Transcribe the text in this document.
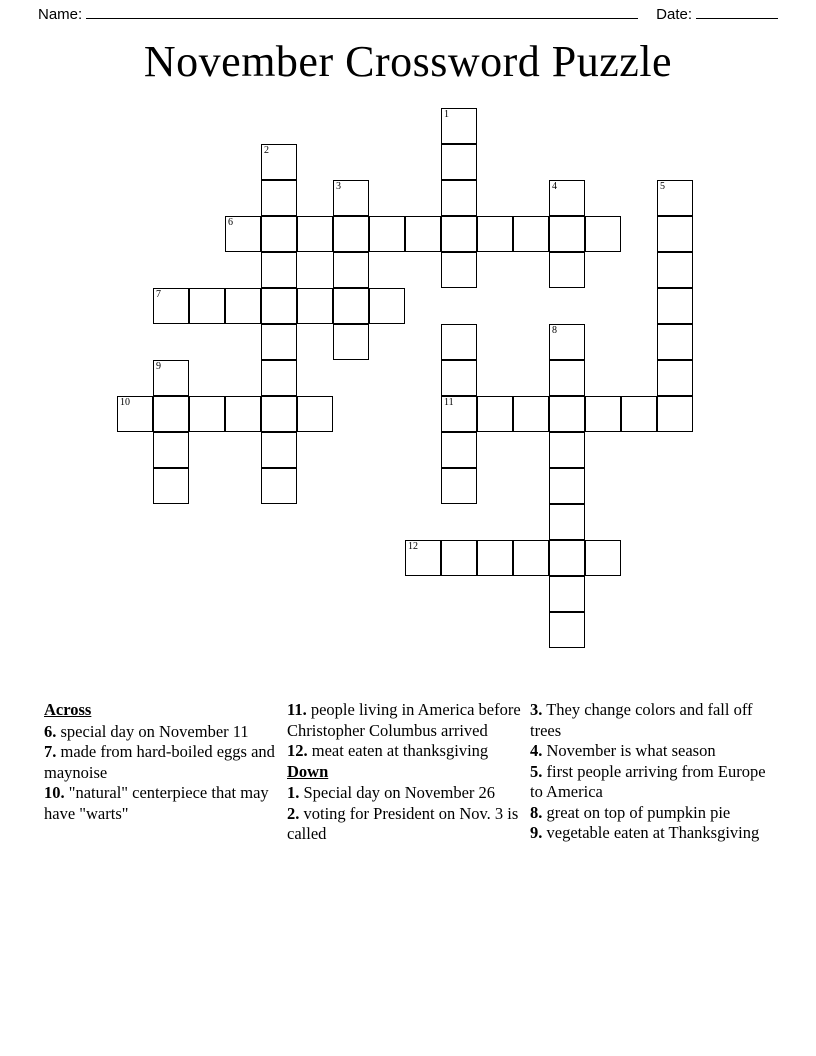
Name:	Date:
November Crossword Puzzle
1
2
3	4	5
6
7
8
9
10	11
12
Across
6. special day on November 11
7. made from hard-boiled eggs and maynoise
10. "natural" centerpiece that may have "warts"
11. people living in America before Christopher Columbus arrived
12. meat eaten at thanksgiving
Down
1. Special day on November 26
2. voting for President on Nov. 3 is called
3. They change colors and fall off trees
4. November is what season
5. first people arriving from Europe to America
8. great on top of pumpkin pie
9. vegetable eaten at Thanksgiving
